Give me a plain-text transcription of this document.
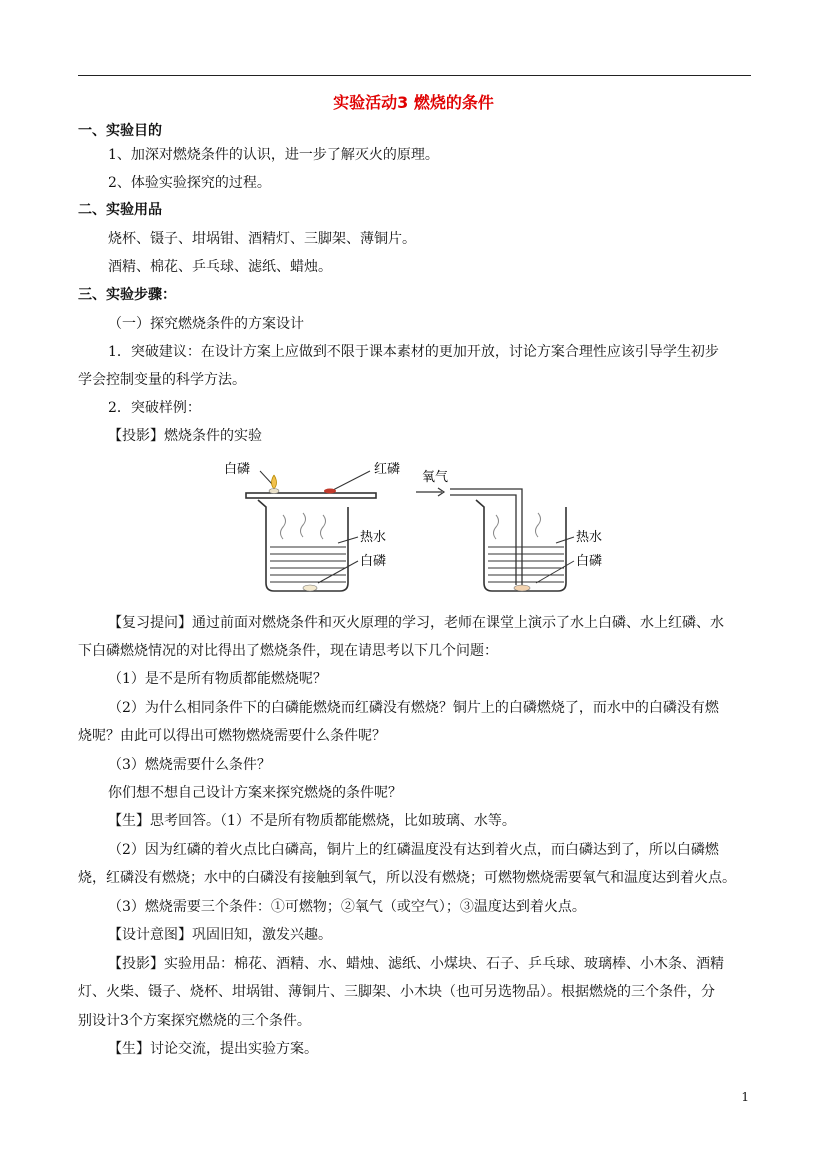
实验活动3 燃烧的条件
一、实验目的
1、加深对燃烧条件的认识，进一步了解灭火的原理。
2、体验实验探究的过程。
二、实验用品
烧杯、镊子、坩埚钳、酒精灯、三脚架、薄铜片。
酒精、棉花、乒乓球、滤纸、蜡烛。
三、实验步骤：
（一）探究燃烧条件的方案设计
1．突破建议：在设计方案上应做到不限于课本素材的更加开放，讨论方案合理性应该引导学生初步
学会控制变量的科学方法。
2．突破样例：
【投影】燃烧条件的实验
白磷	红磷
热水
白磷
氧气
热水
白磷
【复习提问】通过前面对燃烧条件和灭火原理的学习，老师在课堂上演示了水上白磷、水上红磷、水
下白磷燃烧情况的对比得出了燃烧条件，现在请思考以下几个问题：
（1）是不是所有物质都能燃烧呢？
（2）为什么相同条件下的白磷能燃烧而红磷没有燃烧？铜片上的白磷燃烧了，而水中的白磷没有燃
烧呢？由此可以得出可燃物燃烧需要什么条件呢？
（3）燃烧需要什么条件？
你们想不想自己设计方案来探究燃烧的条件呢？
【生】思考回答。（1）不是所有物质都能燃烧，比如玻璃、水等。
（2）因为红磷的着火点比白磷高，铜片上的红磷温度没有达到着火点，而白磷达到了，所以白磷燃
烧，红磷没有燃烧；水中的白磷没有接触到氧气，所以没有燃烧；可燃物燃烧需要氧气和温度达到着火点。
（3）燃烧需要三个条件：①可燃物；②氧气（或空气）；③温度达到着火点。
【设计意图】巩固旧知，激发兴趣。
【投影】实验用品：棉花、酒精、水、蜡烛、滤纸、小煤块、石子、乒乓球、玻璃棒、小木条、酒精
灯、火柴、镊子、烧杯、坩埚钳、薄铜片、三脚架、小木块（也可另选物品）。根据燃烧的三个条件，分
别设计3个方案探究燃烧的三个条件。
【生】讨论交流，提出实验方案。
1
